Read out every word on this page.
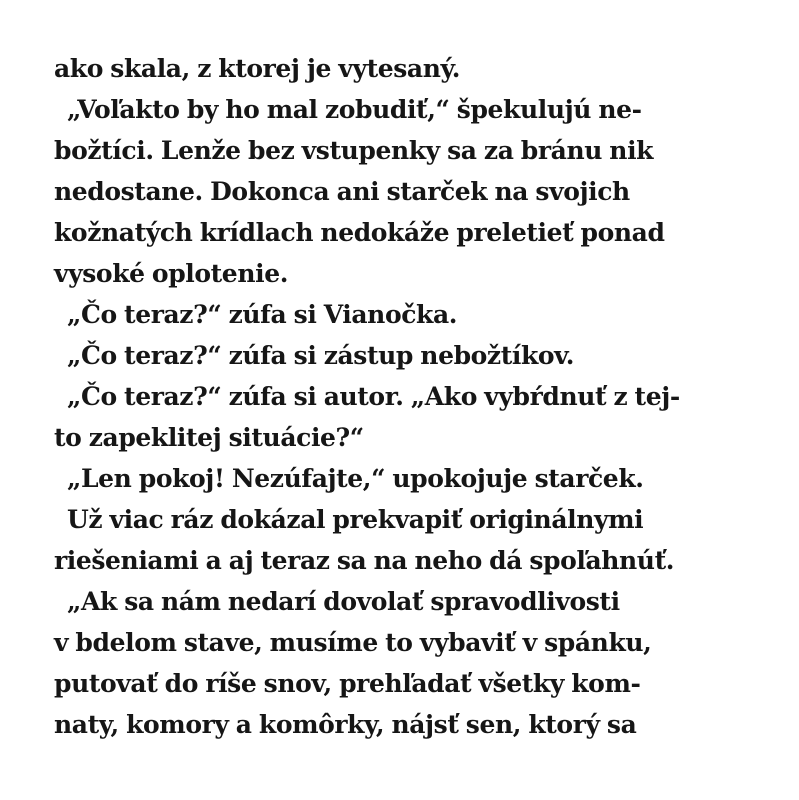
ako skala, z ktorej je vytesaný.
„Voľakto by ho mal zobudiť,“ špekulujú ne-
božtíci. Lenže bez vstupenky sa za bránu nik
nedostane. Dokonca ani starček na svojich
kožnatých krídlach nedokáže preletieť ponad
vysoké oplotenie.
„Čo teraz?“ zúfa si Vianočka.
„Čo teraz?“ zúfa si zástup nebožtíkov.
„Čo teraz?“ zúfa si autor. „Ako vybŕdnuť z tej-
to zapeklitej situácie?“
„Len pokoj! Nezúfajte,“ upokojuje starček.
Už viac ráz dokázal prekvapiť originálnymi
riešeniami a aj teraz sa na neho dá spoľahnúť.
„Ak sa nám nedarí dovolať spravodlivosti
v bdelom stave, musíme to vybaviť v spánku,
putovať do ríše snov, prehľadať všetky kom-
naty, komory a komôrky, nájsť sen, ktorý sa
